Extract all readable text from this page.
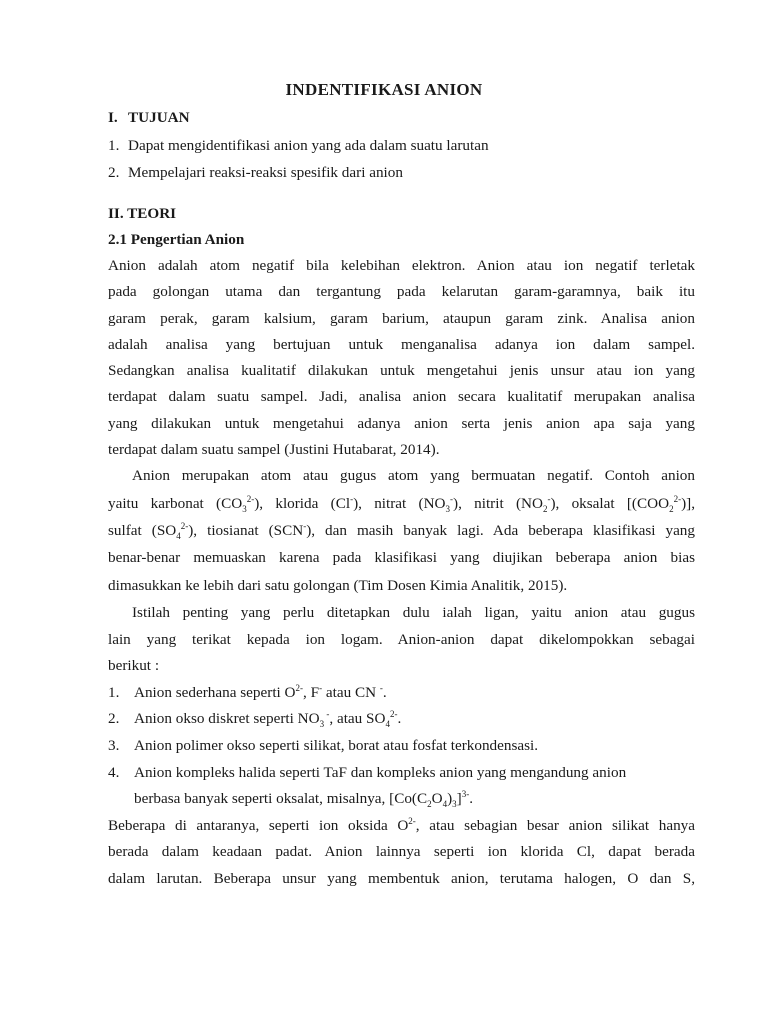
INDENTIFIKASI ANION
I. TUJUAN
1. Dapat mengidentifikasi anion yang ada dalam suatu larutan
2. Mempelajari reaksi-reaksi spesifik dari anion
II. TEORI
2.1 Pengertian Anion
Anion adalah atom negatif bila kelebihan elektron. Anion atau ion negatif terletak
pada golongan utama dan tergantung pada kelarutan garam-garamnya, baik itu
garam perak, garam kalsium, garam barium, ataupun garam zink. Analisa anion
adalah analisa yang bertujuan untuk menganalisa adanya ion dalam sampel.
Sedangkan analisa kualitatif dilakukan untuk mengetahui jenis unsur atau ion yang
terdapat dalam suatu sampel. Jadi, analisa anion secara kualitatif merupakan analisa
yang dilakukan untuk mengetahui adanya anion serta jenis anion apa saja yang
terdapat dalam suatu sampel (Justini Hutabarat, 2014).
Anion merupakan atom atau gugus atom yang bermuatan negatif. Contoh anion
yaitu karbonat $(CO_3^{2-})$, klorida (Cl-), nitrat $(NO_3^-)$, nitrit $(NO_2^-)$, oksalat $[(COO_2^{2-})]$,
sulfat $(SO_4^{2-})$, tiosianat (SCN-), dan masih banyak lagi. Ada beberapa klasifikasi yang
benar-benar memuaskan karena pada klasifikasi yang diujikan beberapa anion bias
dimasukkan ke lebih dari satu golongan (Tim Dosen Kimia Analitik, 2015).
Istilah penting yang perlu ditetapkan dulu ialah ligan, yaitu anion atau gugus
lain yang terikat kepada ion logam. Anion-anion dapat dikelompokkan sebagai
berikut :
1. Anion sederhana seperti $O^{2-}$, F- atau CN -.
2. Anion okso diskret seperti $NO_3$ -, atau $SO_4^{2-}$.
3. Anion polimer okso seperti silikat, borat atau fosfat terkondensasi.
4. Anion kompleks halida seperti TaF dan kompleks anion yang mengandung anion
berbasa banyak seperti oksalat, misalnya, $[Co(C_2O_4)_3]^{3-}$.
Beberapa di antaranya, seperti ion oksida $O^{2-}$, atau sebagian besar anion silikat hanya
berada dalam keadaan padat. Anion lainnya seperti ion klorida Cl, dapat berada
dalam larutan. Beberapa unsur yang membentuk anion, terutama halogen, O dan S,
